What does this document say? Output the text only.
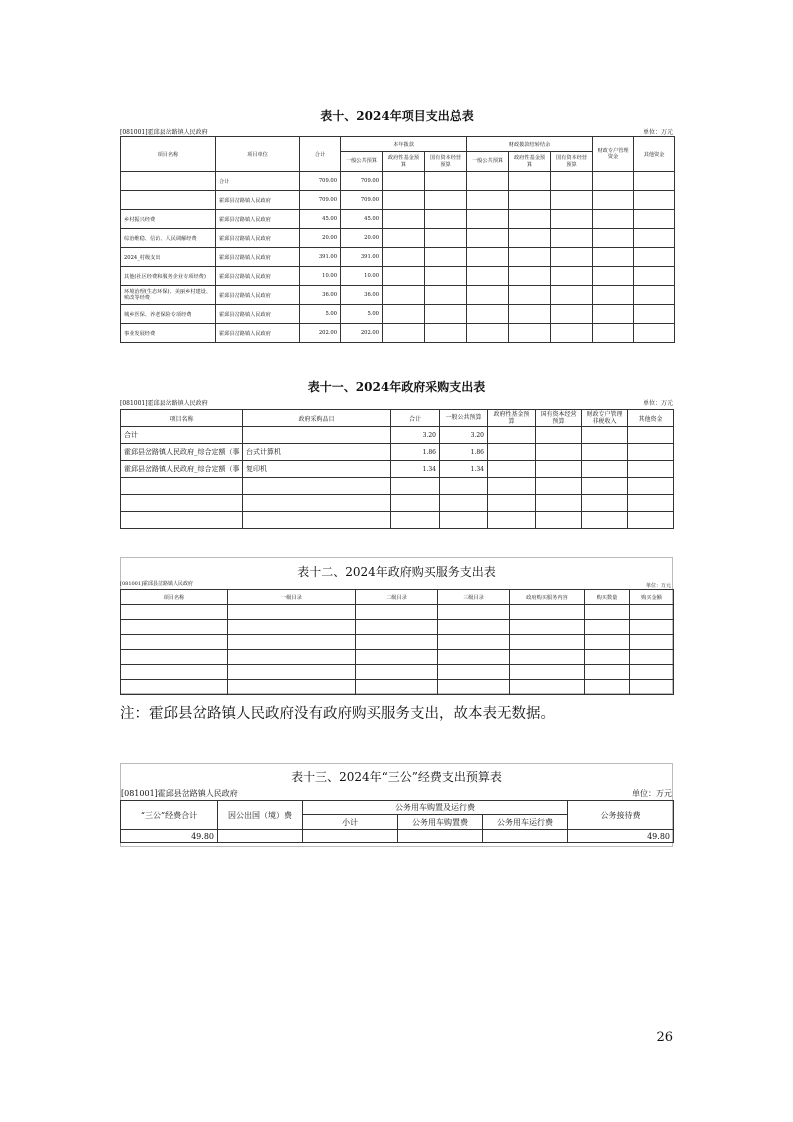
表十、2024年项目支出总表
[081001]霍邱县岔路镇人民政府	单位：万元
项目名称	项目单位	合计	本年拨款			财政拨款结转结余			财政专户管理资金	其他资金
			一般公共预算	政府性基金预算	国有资本经营预算	一般公共预算	政府性基金预算	国有资本经营预算		
	合计	709.00	709.00							
	霍邱县岔路镇人民政府	709.00	709.00							
乡村振兴经费	霍邱县岔路镇人民政府	45.00	45.00							
综治维稳、信访、人民调解经费	霍邱县岔路镇人民政府	20.00	20.00							
2024_村级支出	霍邱县岔路镇人民政府	391.00	391.00							
其他(社区经费和服务企业专项经费)	霍邱县岔路镇人民政府	10.00	10.00							
环境治理(生态环保)、美丽乡村建设、殡改等经费	霍邱县岔路镇人民政府	36.00	36.00							
城乡医保、养老保险专项经费	霍邱县岔路镇人民政府	5.00	5.00							
事业发展经费	霍邱县岔路镇人民政府	202.00	202.00							
表十一、2024年政府采购支出表
[081001]霍邱县岔路镇人民政府	单位：万元
项目名称	政府采购品目	合计	一般公共预算	政府性基金预算	国有资本经营预算	财政专户管理非税收入	其他资金
合计		3.20	3.20				
霍邱县岔路镇人民政府_综合定额（事	台式计算机	1.86	1.86				
霍邱县岔路镇人民政府_综合定额（事	复印机	1.34	1.34				

表十二、2024年政府购买服务支出表
[081001]霍邱县岔路镇人民政府	单位：万元
项目名称	一级目录	二级目录	三级目录	政府购买服务内容	购买数量	购买金额

注：霍邱县岔路镇人民政府没有政府购买服务支出，故本表无数据。
表十三、2024年“三公”经费支出预算表
[081001]霍邱县岔路镇人民政府	单位：万元
“三公”经费合计	因公出国（境）费	公务用车购置及运行费			公务接待费
		小计	公务用车购置费	公务用车运行费	
49.80					49.80
26
